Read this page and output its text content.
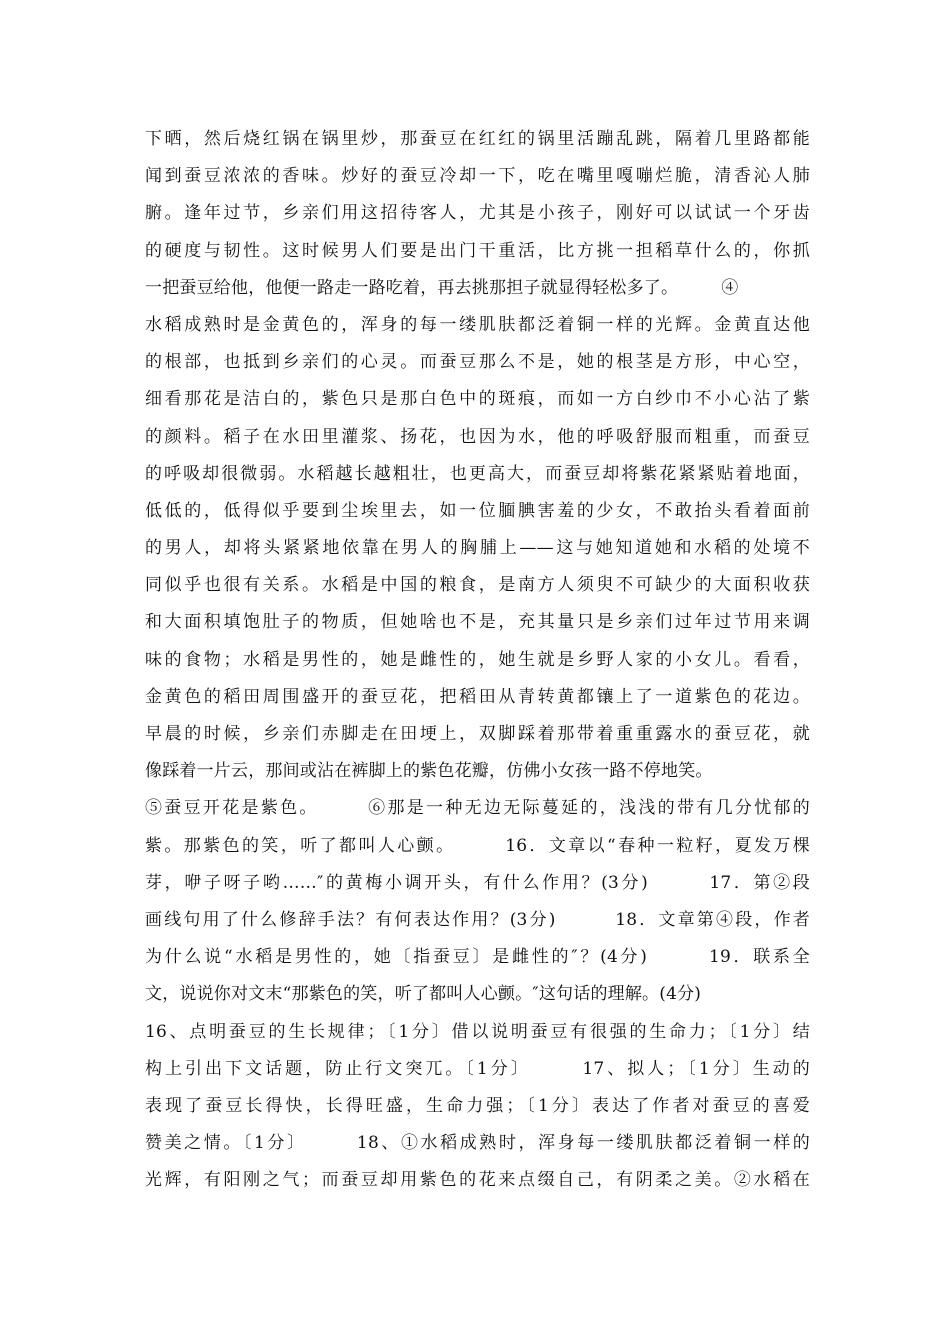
下晒，然后烧红锅在锅里炒，那蚕豆在红红的锅里活蹦乱跳，隔着几里路都能
闻到蚕豆浓浓的香味。炒好的蚕豆冷却一下，吃在嘴里嘎嘣烂脆，清香沁人肺
腑。逢年过节，乡亲们用这招待客人，尤其是小孩子，刚好可以试试一个牙齿
的硬度与韧性。这时候男人们要是出门干重活，比方挑一担稻草什么的，你抓
一把蚕豆给他，他便一路走一路吃着，再去挑那担子就显得轻松多了。　　　④
水稻成熟时是金黄色的，浑身的每一缕肌肤都泛着铜一样的光辉。金黄直达他
的根部，也抵到乡亲们的心灵。而蚕豆那么不是，她的根茎是方形，中心空，
细看那花是洁白的，紫色只是那白色中的斑痕，而如一方白纱巾不小心沾了紫
的颜料。稻子在水田里灌浆、扬花，也因为水，他的呼吸舒服而粗重，而蚕豆
的呼吸却很微弱。水稻越长越粗壮，也更高大，而蚕豆却将紫花紧紧贴着地面，
低低的，低得似乎要到尘埃里去，如一位腼腆害羞的少女，不敢抬头看着面前
的男人，却将头紧紧地依靠在男人的胸脯上——这与她知道她和水稻的处境不
同似乎也很有关系。水稻是中国的粮食，是南方人须臾不可缺少的大面积收获
和大面积填饱肚子的物质，但她啥也不是，充其量只是乡亲们过年过节用来调
味的食物；水稻是男性的，她是雌性的，她生就是乡野人家的小女儿。看看，
金黄色的稻田周围盛开的蚕豆花，把稻田从青转黄都镶上了一道紫色的花边。
早晨的时候，乡亲们赤脚走在田埂上，双脚踩着那带着重重露水的蚕豆花，就
像踩着一片云，那间或沾在裤脚上的紫色花瓣，仿佛小女孩一路不停地笑。
⑤蚕豆开花是紫色。　　　⑥那是一种无边无际蔓延的，浅浅的带有几分忧郁的
紫。那紫色的笑，听了都叫人心颤。　　　16．文章以“春种一粒籽，夏发万棵
芽，咿子呀子哟……″的黄梅小调开头，有什么作用？(3分)　　　17．第②段
画线句用了什么修辞手法？有何表达作用？(3分)　　　18．文章第④段，作者
为什么说“水稻是男性的，她〔指蚕豆〕是雌性的″？(4分)　　　19．联系全
文，说说你对文末“那紫色的笑，听了都叫人心颤。″这句话的理解。(4分)
16、点明蚕豆的生长规律；〔1分〕借以说明蚕豆有很强的生命力；〔1分〕结
构上引出下文话题，防止行文突兀。〔1分〕　　　17、拟人；〔1分〕生动的
表现了蚕豆长得快，长得旺盛，生命力强；〔1分〕表达了作者对蚕豆的喜爱
赞美之情。〔1分〕　　　18、①水稻成熟时，浑身每一缕肌肤都泛着铜一样的
光辉，有阳刚之气；而蚕豆却用紫色的花来点缀自己，有阴柔之美。②水稻在
